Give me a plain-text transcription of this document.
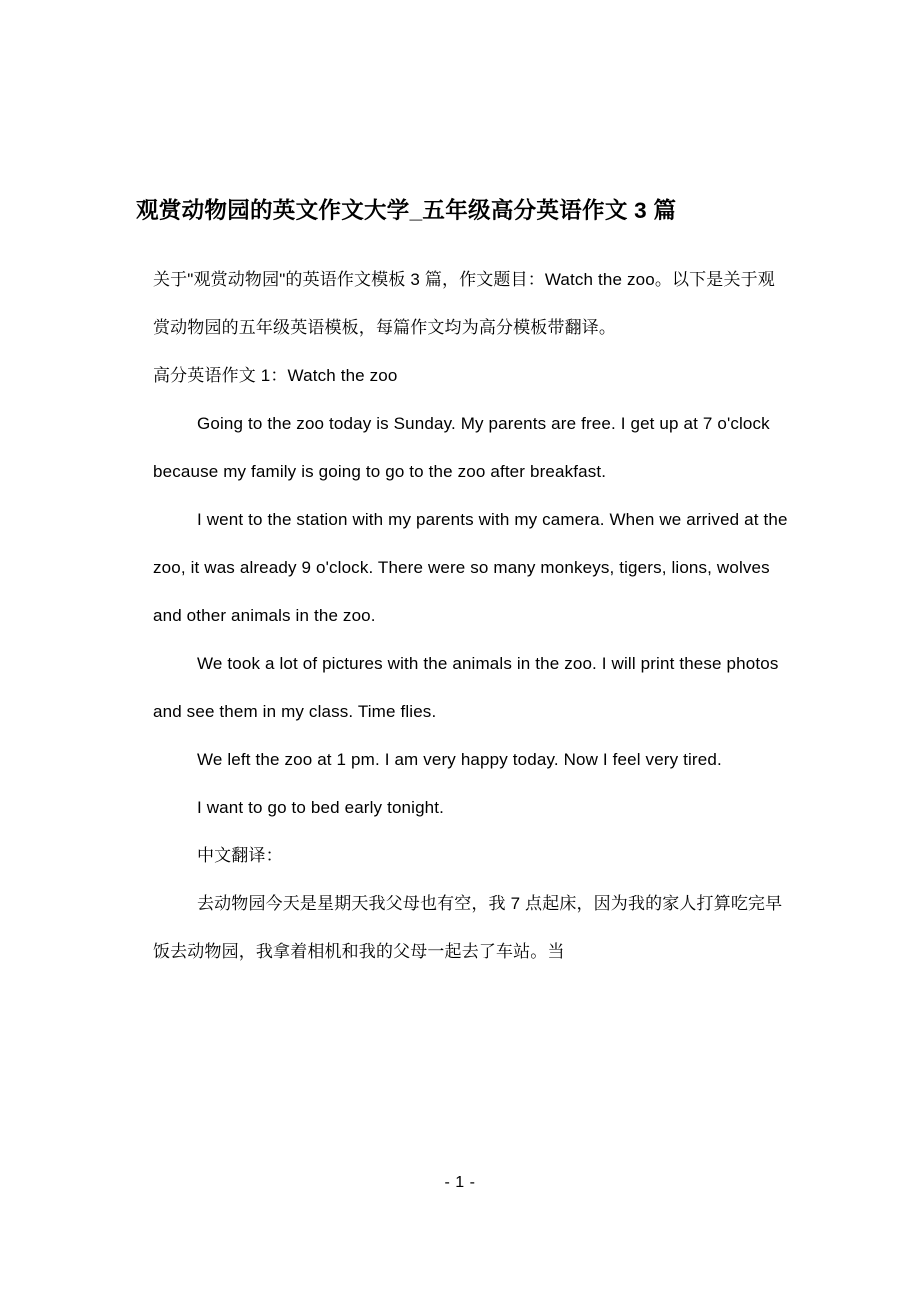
观赏动物园的英文作文大学_五年级高分英语作文 3 篇

关于"观赏动物园"的英语作文模板 3 篇，作文题目：Watch the zoo。以下是关于观赏动物园的五年级英语模板，每篇作文均为高分模板带翻译。

高分英语作文 1：Watch the zoo

Going to the zoo today is Sunday. My parents are free. I get up at 7 o'clock because my family is going to go to the zoo after breakfast.

I went to the station with my parents with my camera. When we arrived at the zoo, it was already 9 o'clock. There were so many monkeys, tigers, lions, wolves and other animals in the zoo.

We took a lot of pictures with the animals in the zoo. I will print these photos and see them in my class. Time flies.

We left the zoo at 1 pm. I am very happy today. Now I feel very tired.

I want to go to bed early tonight.

中文翻译：

去动物园今天是星期天我父母也有空，我 7 点起床，因为我的家人打算吃完早饭去动物园，我拿着相机和我的父母一起去了车站。当

- 1 -
